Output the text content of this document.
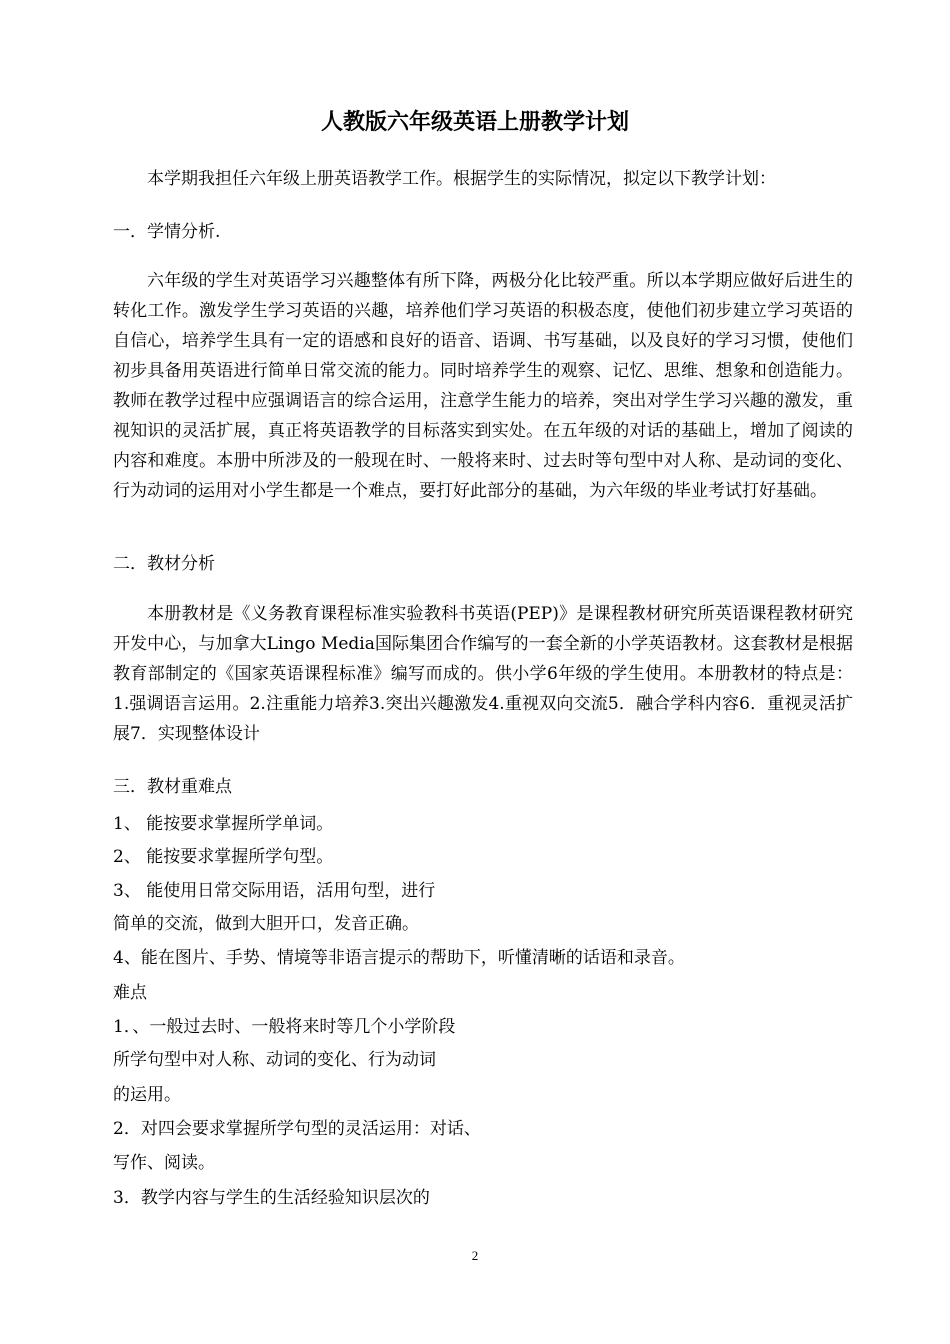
人教版六年级英语上册教学计划
本学期我担任六年级上册英语教学工作。根据学生的实际情况，拟定以下教学计划：
一．学情分析.
六年级的学生对英语学习兴趣整体有所下降，两极分化比较严重。所以本学期应做好后进生的转化工作。激发学生学习英语的兴趣，培养他们学习英语的积极态度，使他们初步建立学习英语的自信心，培养学生具有一定的语感和良好的语音、语调、书写基础，以及良好的学习习惯，使他们初步具备用英语进行简单日常交流的能力。同时培养学生的观察、记忆、思维、想象和创造能力。教师在教学过程中应强调语言的综合运用，注意学生能力的培养，突出对学生学习兴趣的激发，重视知识的灵活扩展，真正将英语教学的目标落实到实处。在五年级的对话的基础上，增加了阅读的内容和难度。本册中所涉及的一般现在时、一般将来时、过去时等句型中对人称、是动词的变化、行为动词的运用对小学生都是一个难点，要打好此部分的基础，为六年级的毕业考试打好基础。
二．教材分析
本册教材是《义务教育课程标准实验教科书英语(PEP)》是课程教材研究所英语课程教材研究开发中心，与加拿大Lingo Media国际集团合作编写的一套全新的小学英语教材。这套教材是根据教育部制定的《国家英语课程标准》编写而成的。供小学6年级的学生使用。本册教材的特点是：1.强调语言运用。2.注重能力培养3.突出兴趣激发4.重视双向交流5．融合学科内容6．重视灵活扩展7．实现整体设计
三．教材重难点
1、 能按要求掌握所学单词。
2、 能按要求掌握所学句型。
3、 能使用日常交际用语，活用句型，进行
简单的交流，做到大胆开口，发音正确。
4、能在图片、手势、情境等非语言提示的帮助下，听懂清晰的话语和录音。
难点
1．、一般过去时、一般将来时等几个小学阶段
所学句型中对人称、动词的变化、行为动词
的运用。
2．对四会要求掌握所学句型的灵活运用：对话、
写作、阅读。
3．教学内容与学生的生活经验知识层次的
2
